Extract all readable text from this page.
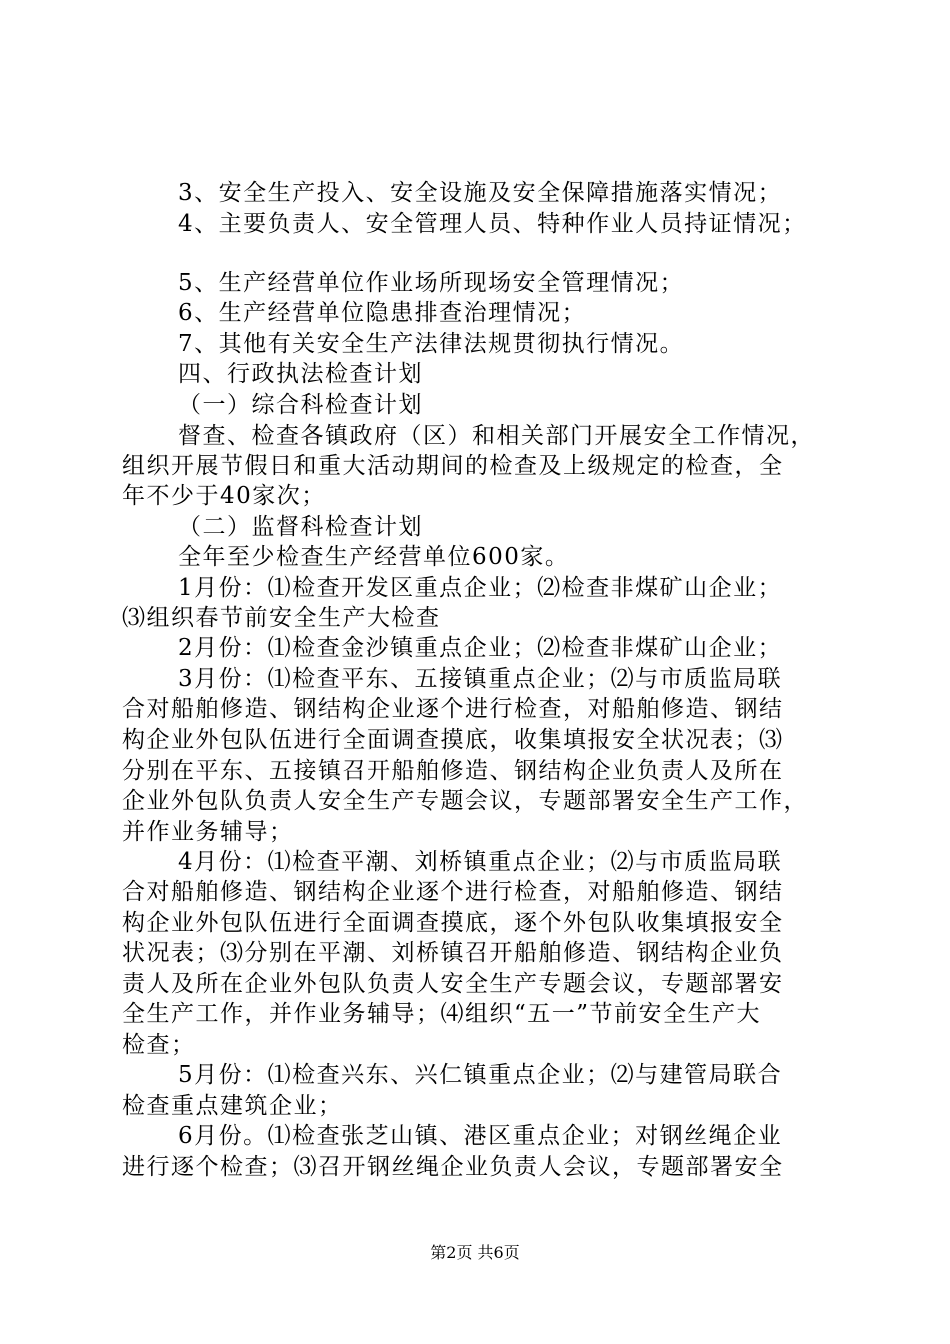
3、安全生产投入、安全设施及安全保障措施落实情况；
4、主要负责人、安全管理人员、特种作业人员持证情况；
5、生产经营单位作业场所现场安全管理情况；
6、生产经营单位隐患排查治理情况；
7、其他有关安全生产法律法规贯彻执行情况。
四、行政执法检查计划
（一）综合科检查计划
督查、检查各镇政府（区）和相关部门开展安全工作情况，
组织开展节假日和重大活动期间的检查及上级规定的检查，全
年不少于40家次；
（二）监督科检查计划
全年至少检查生产经营单位600家。
1月份：⑴检查开发区重点企业；⑵检查非煤矿山企业；
⑶组织春节前安全生产大检查
2月份：⑴检查金沙镇重点企业；⑵检查非煤矿山企业；
3月份：⑴检查平东、五接镇重点企业；⑵与市质监局联
合对船舶修造、钢结构企业逐个进行检查，对船舶修造、钢结
构企业外包队伍进行全面调查摸底，收集填报安全状况表；⑶
分别在平东、五接镇召开船舶修造、钢结构企业负责人及所在
企业外包队负责人安全生产专题会议，专题部署安全生产工作，
并作业务辅导；
4月份：⑴检查平潮、刘桥镇重点企业；⑵与市质监局联
合对船舶修造、钢结构企业逐个进行检查，对船舶修造、钢结
构企业外包队伍进行全面调查摸底，逐个外包队收集填报安全
状况表；⑶分别在平潮、刘桥镇召开船舶修造、钢结构企业负
责人及所在企业外包队负责人安全生产专题会议，专题部署安
全生产工作，并作业务辅导；⑷组织“五一”节前安全生产大
检查；
5月份：⑴检查兴东、兴仁镇重点企业；⑵与建管局联合
检查重点建筑企业；
6月份。⑴检查张芝山镇、港区重点企业；对钢丝绳企业
进行逐个检查；⑶召开钢丝绳企业负责人会议，专题部署安全
第2页 共6页
